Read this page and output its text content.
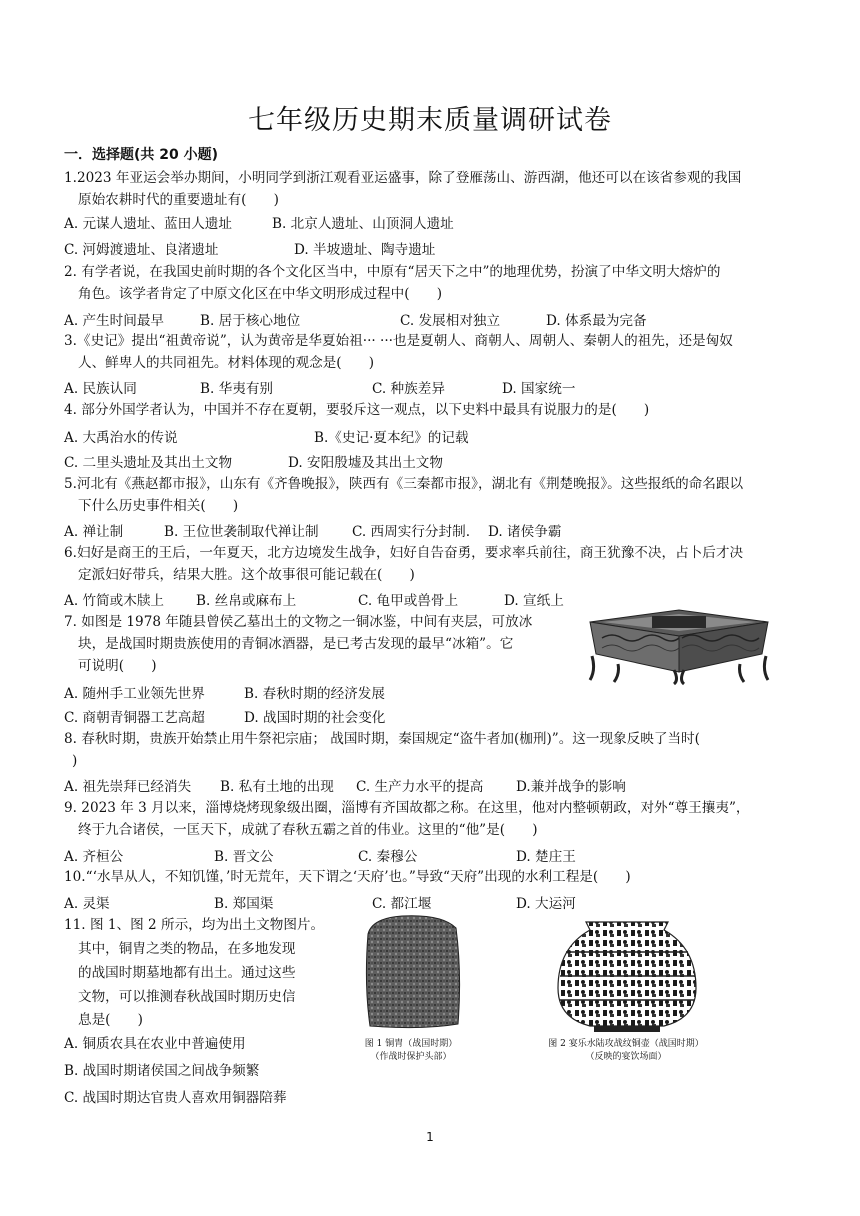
七年级历史期末质量调研试卷
一．选择题(共 20 小题)
1.2023 年亚运会举办期间，小明同学到浙江观看亚运盛事，除了登雁荡山、游西湖，他还可以在该省参观的我国
原始农耕时代的重要遗址有(　　)
A. 元谋人遗址、蓝田人遗址	B. 北京人遗址、山顶洞人遗址
C. 河姆渡遗址、良渚遗址	D. 半坡遗址、陶寺遗址
2. 有学者说，在我国史前时期的各个文化区当中，中原有“居天下之中”的地理优势，扮演了中华文明大熔炉的
角色。该学者肯定了中原文化区在中华文明形成过程中(　　)
A. 产生时间最早	B. 居于核心地位	C. 发展相对独立	D. 体系最为完备
3.《史记》提出“祖黄帝说”，认为黄帝是华夏始祖··· ···也是夏朝人、商朝人、周朝人、秦朝人的祖先，还是匈奴
人、鲜卑人的共同祖先。材料体现的观念是(　　)
A. 民族认同	B. 华夷有别	C. 种族差异	D. 国家统一
4. 部分外国学者认为，中国并不存在夏朝，要驳斥这一观点，以下史料中最具有说服力的是(　　)
A. 大禹治水的传说	B.《史记·夏本纪》的记载
C. 二里头遗址及其出土文物	D. 安阳殷墟及其出土文物
5.河北有《燕赵都市报》，山东有《齐鲁晚报》，陕西有《三秦都市报》，湖北有《荆楚晚报》。这些报纸的命名跟以
下什么历史事件相关(　　)
A. 禅让制	B. 王位世袭制取代禅让制 C. 西周实行分封制. D. 诸侯争霸
6.妇好是商王的王后，一年夏天，北方边境发生战争，妇好自告奋勇，要求率兵前往，商王犹豫不决，占卜后才决
定派妇好带兵，结果大胜。这个故事很可能记载在(　　)
A. 竹简或木牍上 B. 丝帛或麻布上	C. 龟甲或兽骨上	D. 宣纸上
7. 如图是 1978 年随县曾侯乙墓出土的文物之一铜冰鉴，中间有夹层，可放冰
块，是战国时期贵族使用的青铜冰酒器，是已考古发现的最早“冰箱”。它
可说明(　　)
A. 随州手工业领先世界	B. 春秋时期的经济发展
C. 商朝青铜器工艺高超	D. 战国时期的社会变化
8. 春秋时期，贵族开始禁止用牛祭祀宗庙； 战国时期，秦国规定“盗牛者加(枷刑)”。这一现象反映了当时(
)
A. 祖先崇拜已经消失 B. 私有土地的出现 C. 生产力水平的提高 D.兼并战争的影响
9. 2023 年 3 月以来，淄博烧烤现象级出圈，淄博有齐国故都之称。在这里，他对内整顿朝政，对外“尊王攘夷”，
终于九合诸侯，一匡天下，成就了春秋五霸之首的伟业。这里的“他”是(　　)
A. 齐桓公	B. 晋文公	C. 秦穆公	D. 楚庄王
10.“‘水旱从人，不知饥馑，’时无荒年，天下谓之‘天府’也。”导致“天府”出现的水利工程是(　　)
A. 灵渠	B. 郑国渠	C. 都江堰	D. 大运河
11. 图 1、图 2 所示，均为出土文物图片。
其中，铜胄之类的物品，在多地发现
的战国时期墓地都有出土。通过这些
文物，可以推测春秋战国时期历史信
息是(　　)
A. 铜质农具在农业中普遍使用
B. 战国时期诸侯国之间战争频繁
C. 战国时期达官贵人喜欢用铜器陪葬
图 1 铜胄（战国时期）
（作战时保护头部）
图 2 宴乐水陆攻战纹铜壶（战国时期）
（反映的宴饮场面）
1
